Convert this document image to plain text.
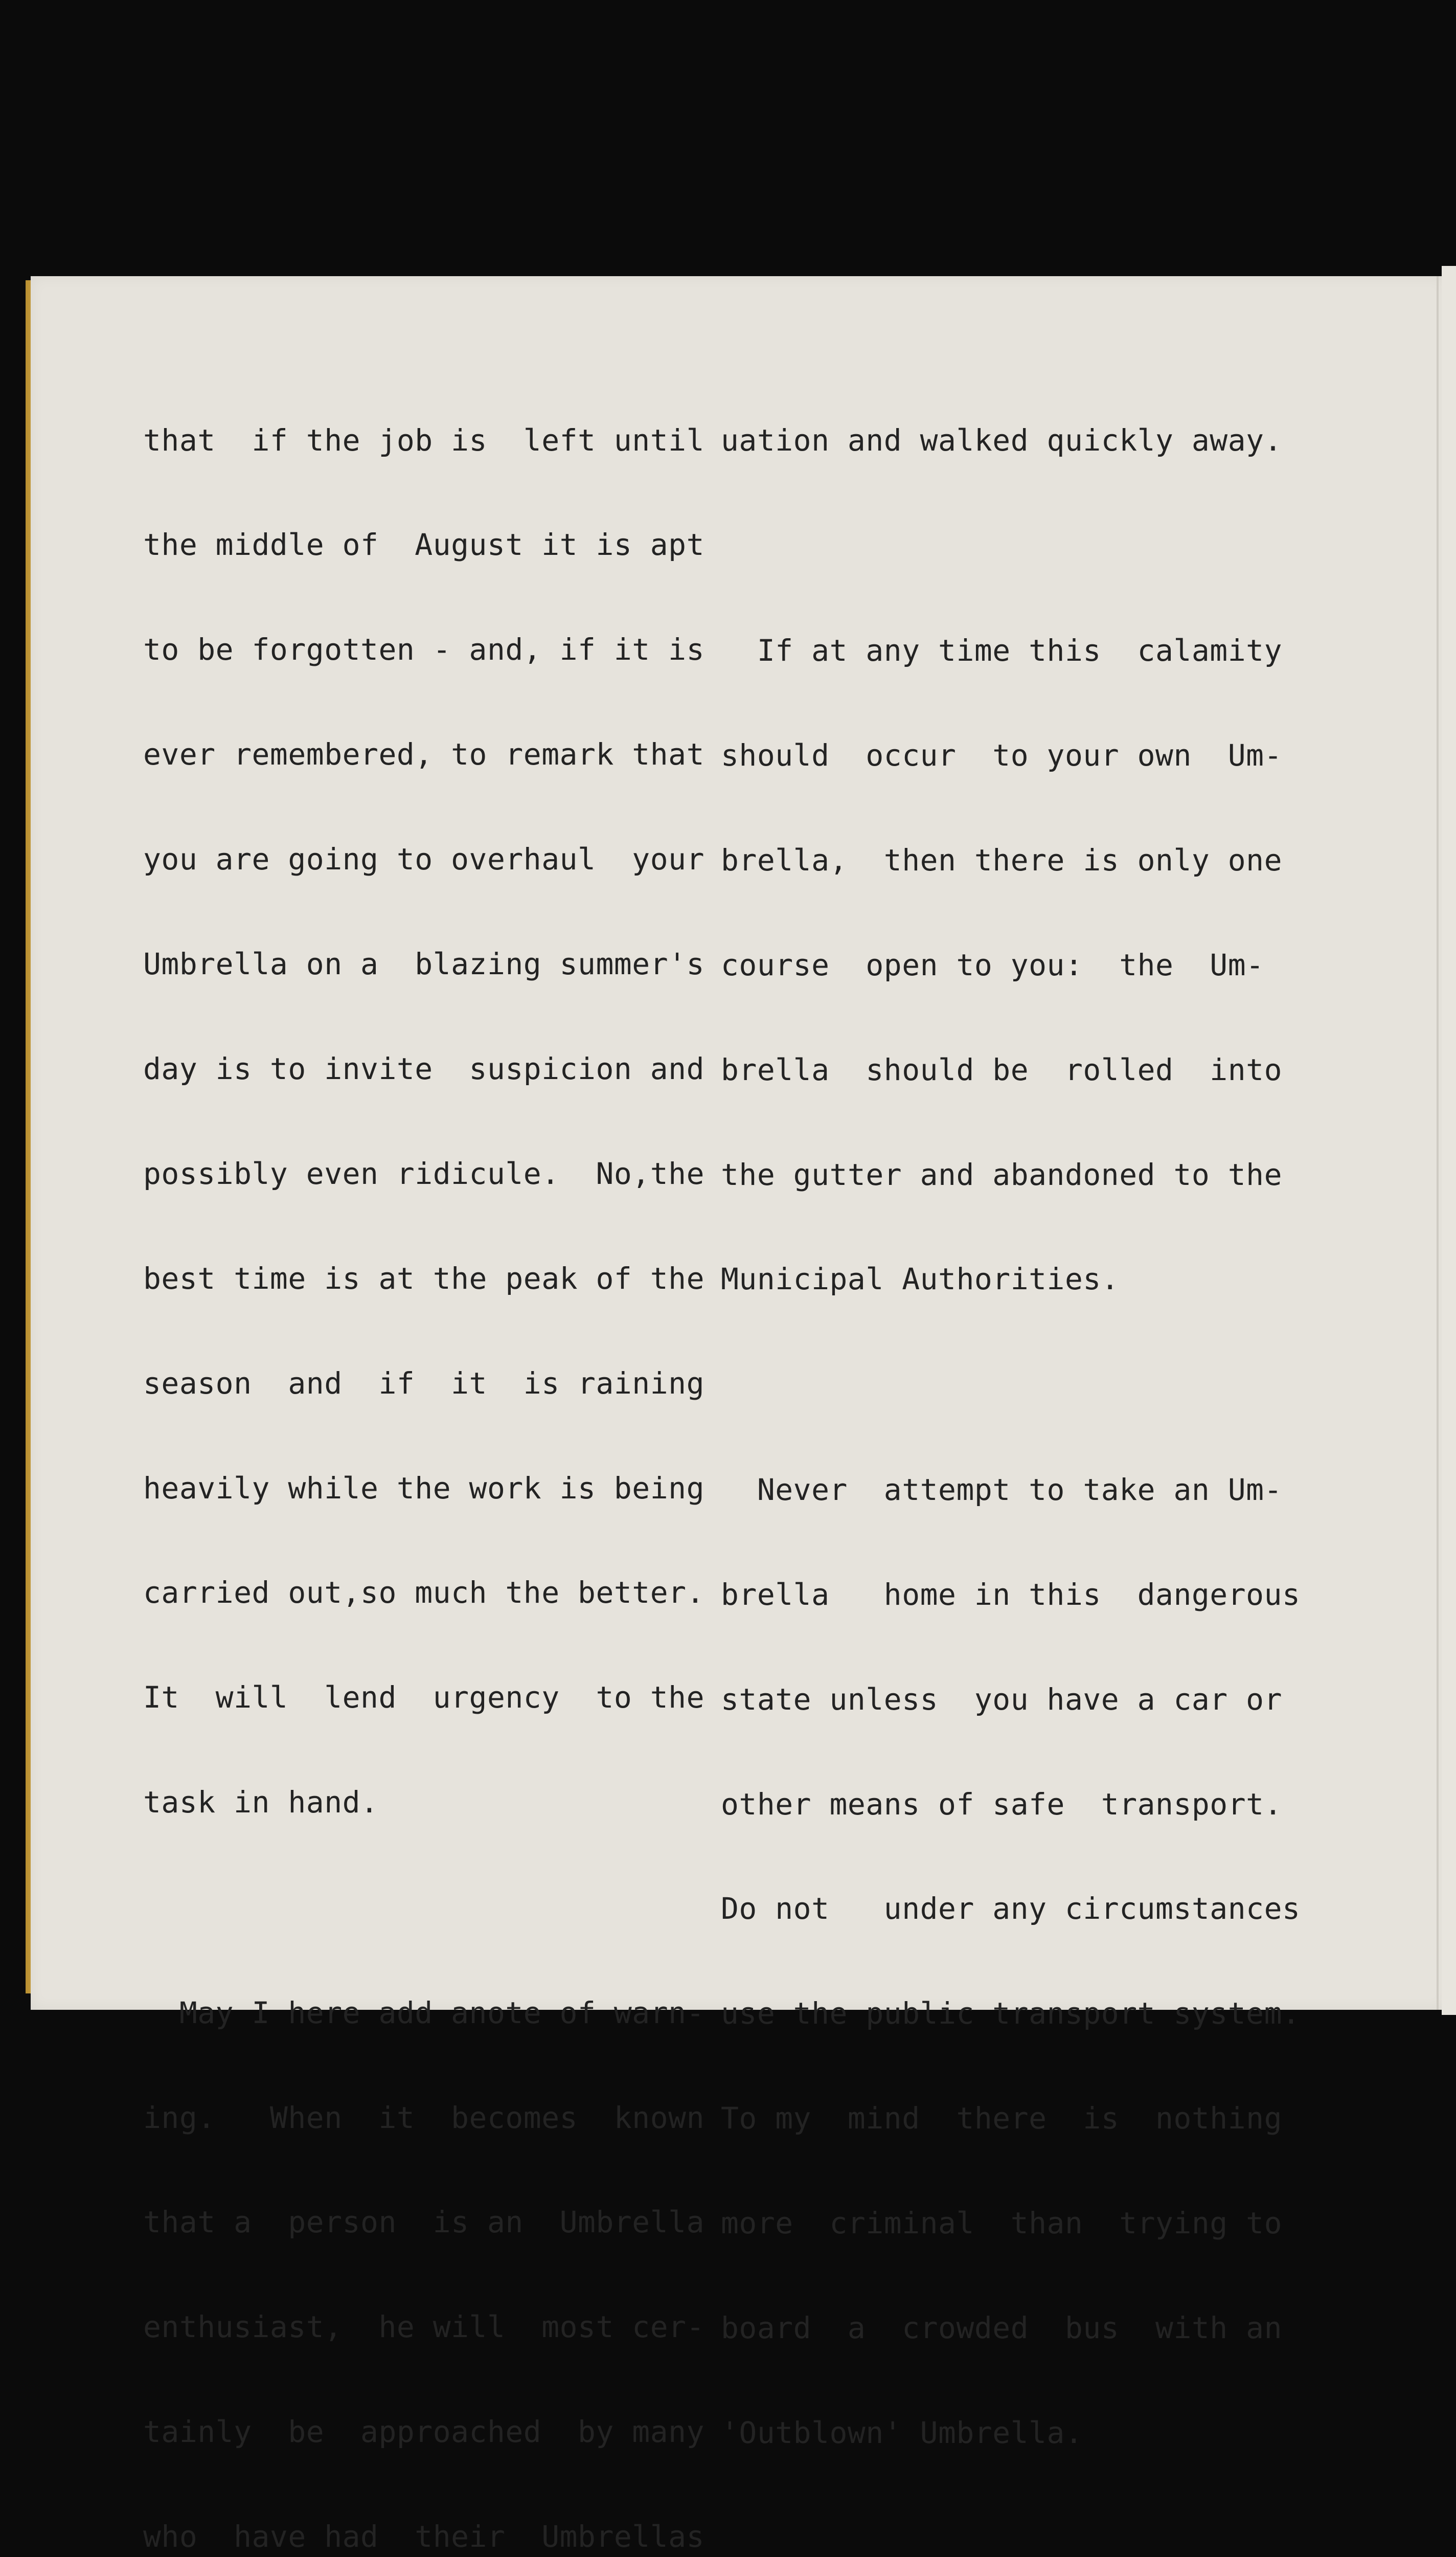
that  if the job is  left until

the middle of  August it is apt

to be forgotten - and, if it is

ever remembered, to remark that

you are going to overhaul  your

Umbrella on a  blazing summer's

day is to invite  suspicion and

possibly even ridicule.  No,the

best time is at the peak of the

season  and  if  it  is raining

heavily while the work is being

carried out,so much the better.

It  will  lend  urgency  to the

task in hand.

May I here add anote of warn-

ing.   When  it  becomes  known

that a  person  is an  Umbrella

enthusiast,  he will  most cer-

tainly  be  approached  by many

who  have had  their  Umbrellas

uation and walked quickly away.

If at any time this  calamity

should  occur  to your own  Um-

brella,  then there is only one

course  open to you:  the  Um-

brella  should be  rolled  into

the gutter and abandoned to the

Municipal Authorities.

Never  attempt to take an Um-

brella   home in this  dangerous

state unless  you have a car or

other means of safe  transport.

Do not   under any circumstances

use the public transport system.

To my  mind  there  is  nothing

more  criminal  than  trying to

board  a  crowded  bus  with an

'Outblown' Umbrella.
